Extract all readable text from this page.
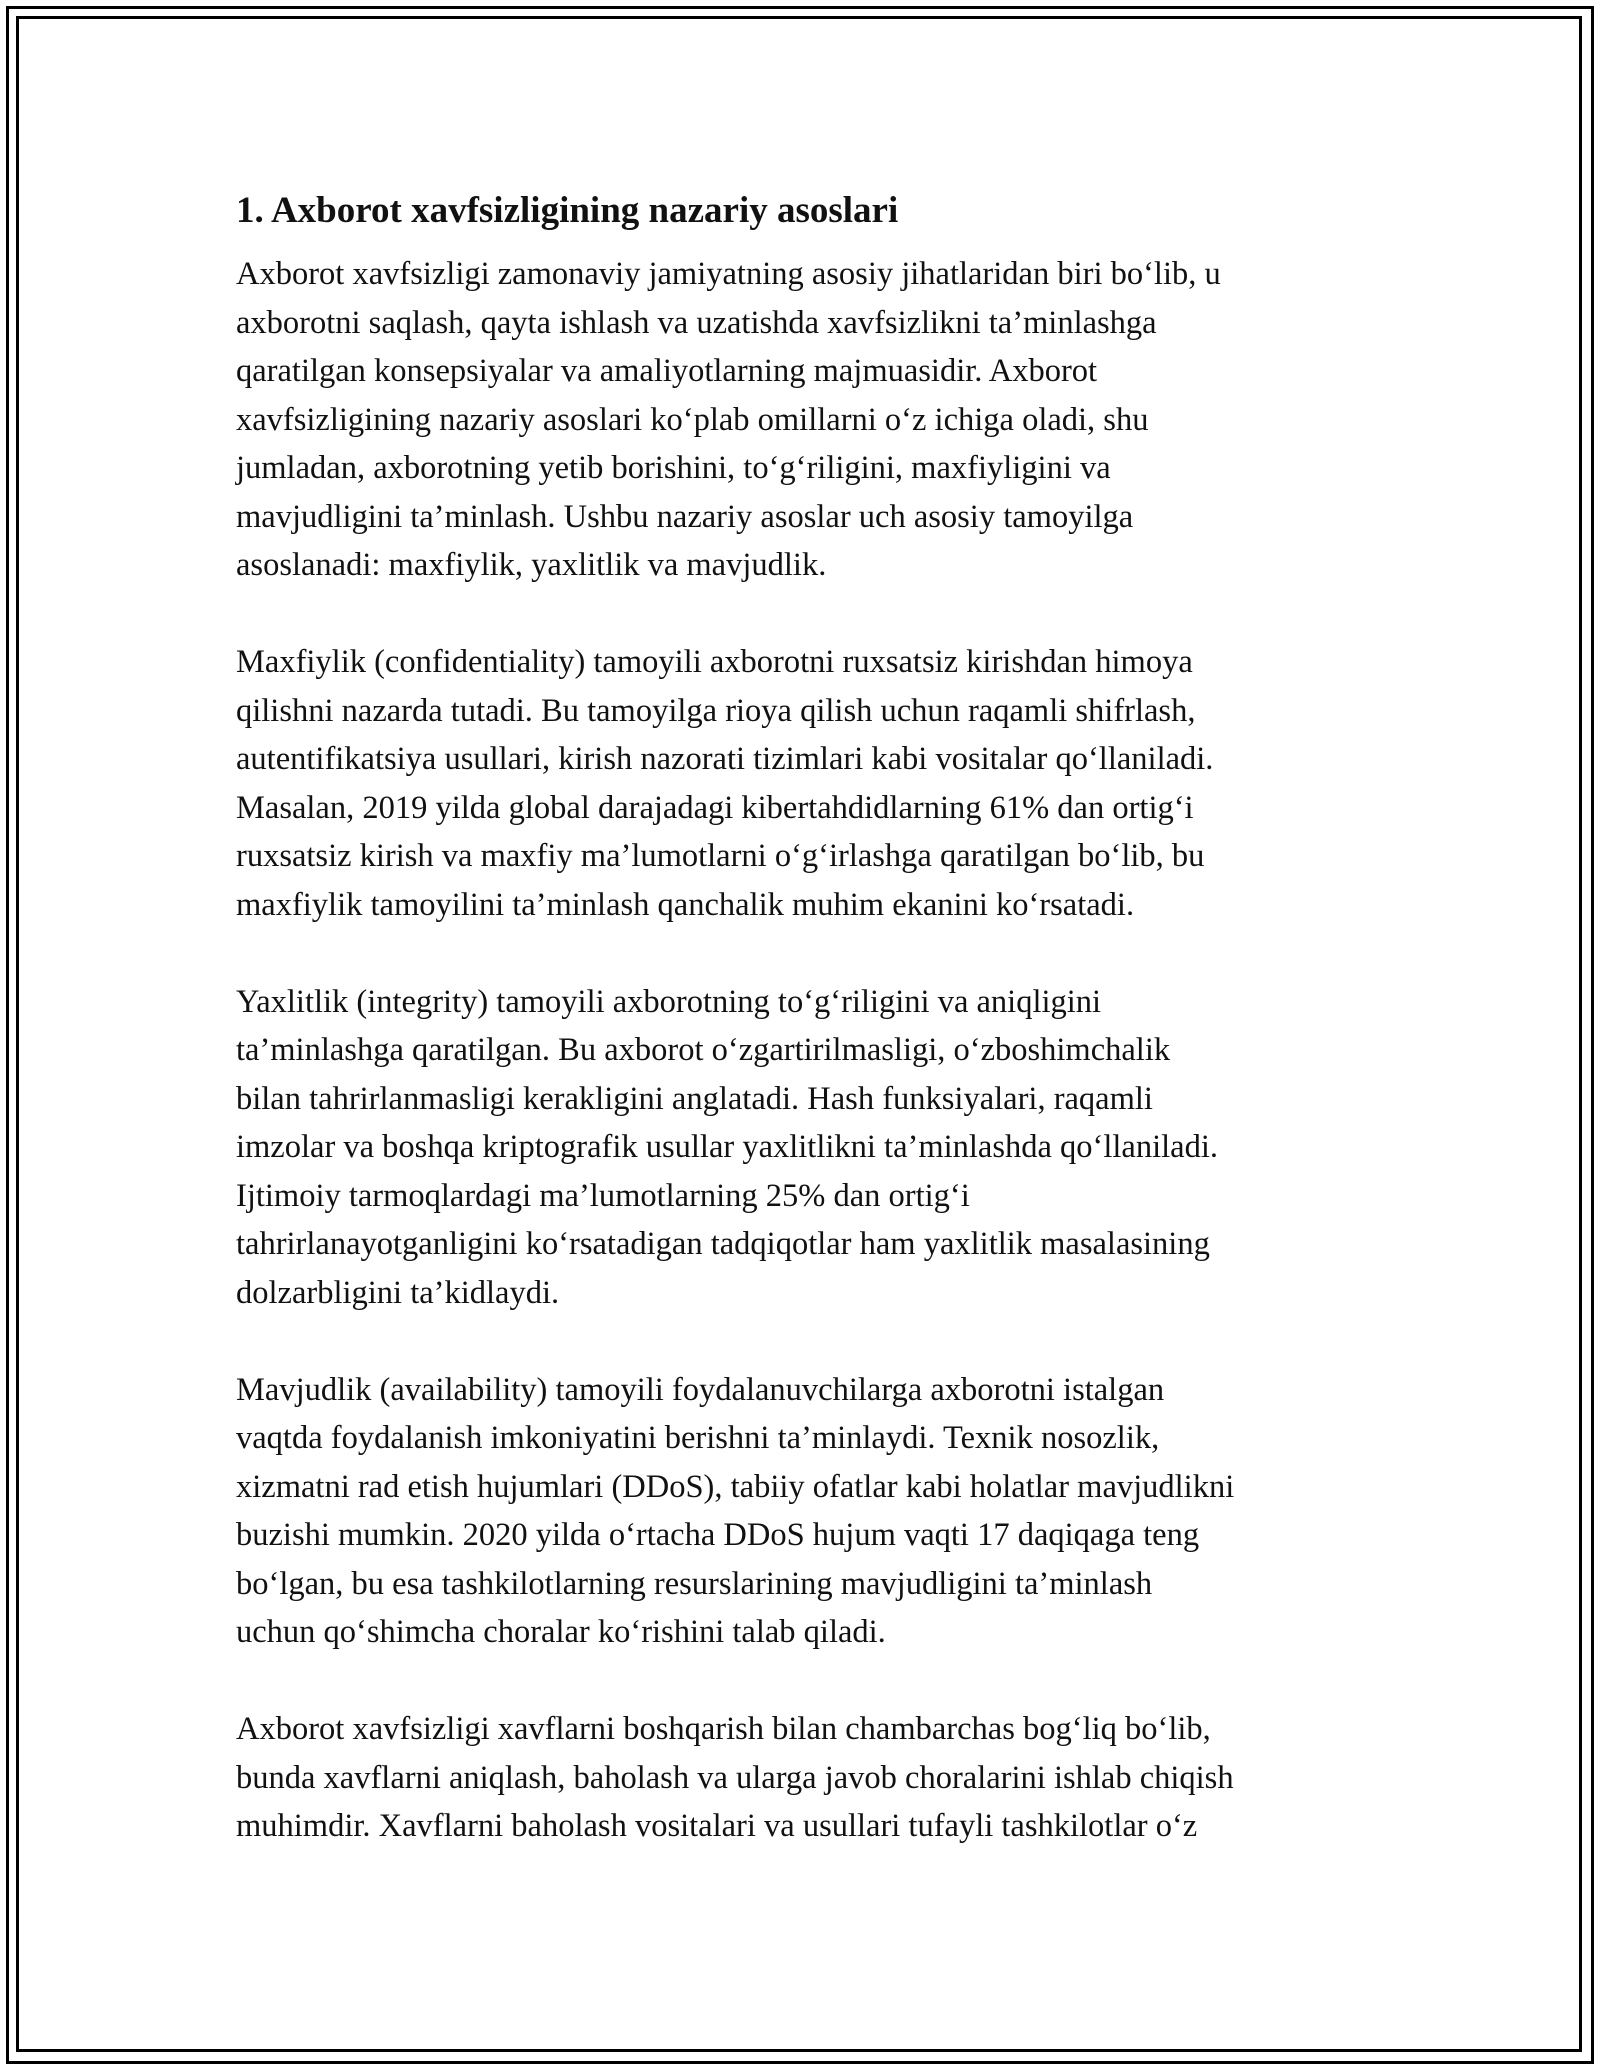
1. Axborot xavfsizligining nazariy asoslari

Axborot xavfsizligi zamonaviy jamiyatning asosiy jihatlaridan biri bo‘lib, u
axborotni saqlash, qayta ishlash va uzatishda xavfsizlikni ta’minlashga
qaratilgan konsepsiyalar va amaliyotlarning majmuasidir. Axborot
xavfsizligining nazariy asoslari ko‘plab omillarni o‘z ichiga oladi, shu
jumladan, axborotning yetib borishini, to‘g‘riligini, maxfiyligini va
mavjudligini ta’minlash. Ushbu nazariy asoslar uch asosiy tamoyilga
asoslanadi: maxfiylik, yaxlitlik va mavjudlik.

Maxfiylik (confidentiality) tamoyili axborotni ruxsatsiz kirishdan himoya
qilishni nazarda tutadi. Bu tamoyilga rioya qilish uchun raqamli shifrlash,
autentifikatsiya usullari, kirish nazorati tizimlari kabi vositalar qo‘llaniladi.
Masalan, 2019 yilda global darajadagi kibertahdidlarning 61% dan ortig‘i
ruxsatsiz kirish va maxfiy ma’lumotlarni o‘g‘irlashga qaratilgan bo‘lib, bu
maxfiylik tamoyilini ta’minlash qanchalik muhim ekanini ko‘rsatadi.

Yaxlitlik (integrity) tamoyili axborotning to‘g‘riligini va aniqligini
ta’minlashga qaratilgan. Bu axborot o‘zgartirilmasligi, o‘zboshimchalik
bilan tahrirlanmasligi kerakligini anglatadi. Hash funksiyalari, raqamli
imzolar va boshqa kriptografik usullar yaxlitlikni ta’minlashda qo‘llaniladi.
Ijtimoiy tarmoqlardagi ma’lumotlarning 25% dan ortig‘i
tahrirlanayotganligini ko‘rsatadigan tadqiqotlar ham yaxlitlik masalasining
dolzarbligini ta’kidlaydi.

Mavjudlik (availability) tamoyili foydalanuvchilarga axborotni istalgan
vaqtda foydalanish imkoniyatini berishni ta’minlaydi. Texnik nosozlik,
xizmatni rad etish hujumlari (DDoS), tabiiy ofatlar kabi holatlar mavjudlikni
buzishi mumkin. 2020 yilda o‘rtacha DDoS hujum vaqti 17 daqiqaga teng
bo‘lgan, bu esa tashkilotlarning resurslarining mavjudligini ta’minlash
uchun qo‘shimcha choralar ko‘rishini talab qiladi.

Axborot xavfsizligi xavflarni boshqarish bilan chambarchas bog‘liq bo‘lib,
bunda xavflarni aniqlash, baholash va ularga javob choralarini ishlab chiqish
muhimdir. Xavflarni baholash vositalari va usullari tufayli tashkilotlar o‘z
